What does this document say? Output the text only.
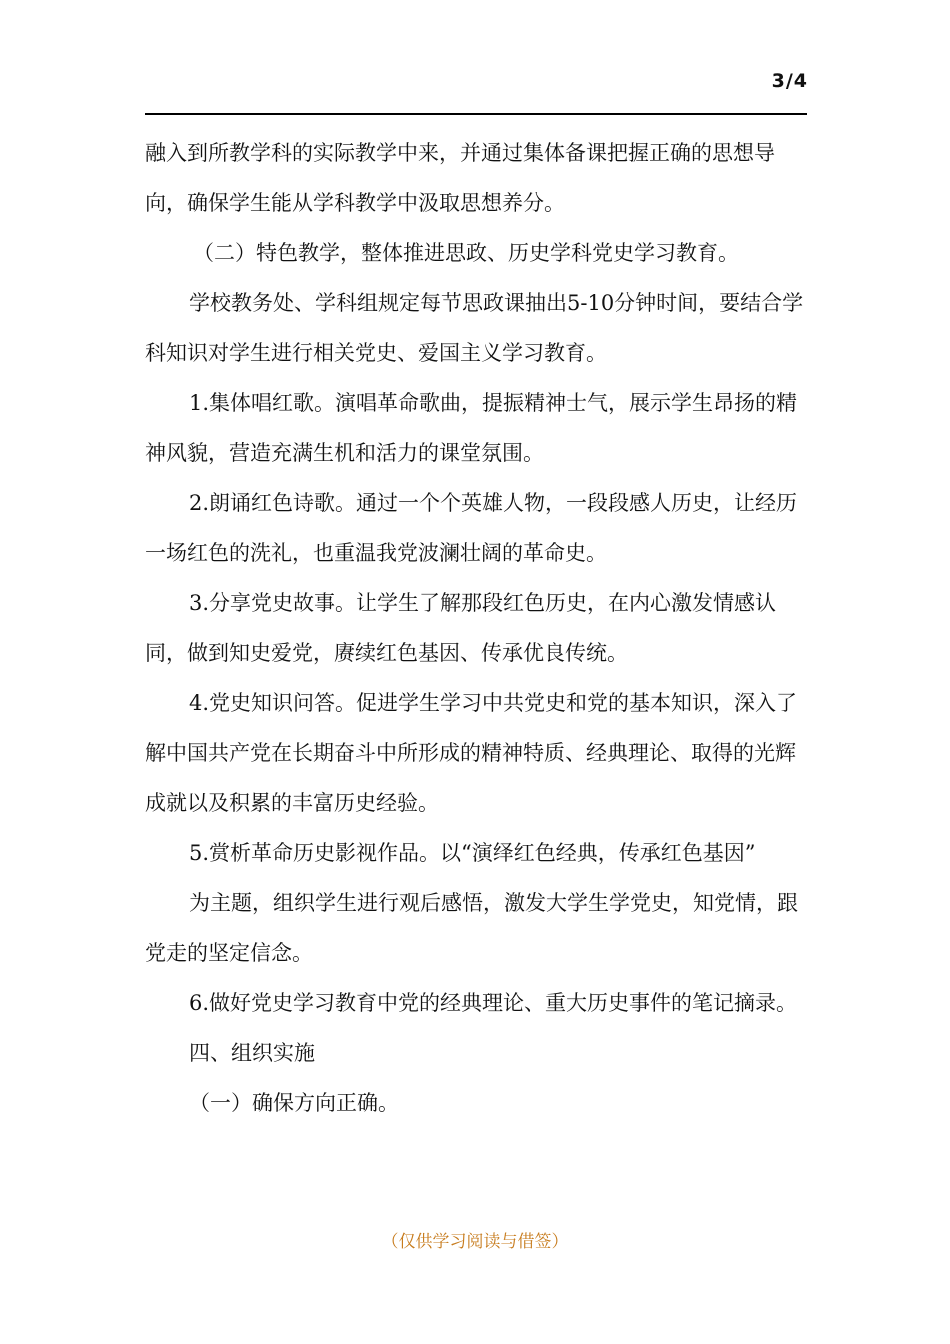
3/4

融入到所教学科的实际教学中来，并通过集体备课把握正确的思想导向，确保学生能从学科教学中汲取思想养分。

（二）特色教学，整体推进思政、历史学科党史学习教育。

学校教务处、学科组规定每节思政课抽出5-10分钟时间，要结合学科知识对学生进行相关党史、爱国主义学习教育。

1.集体唱红歌。演唱革命歌曲，提振精神士气，展示学生昂扬的精神风貌，营造充满生机和活力的课堂氛围。

2.朗诵红色诗歌。通过一个个英雄人物，一段段感人历史，让经历一场红色的洗礼，也重温我党波澜壮阔的革命史。

3.分享党史故事。让学生了解那段红色历史，在内心激发情感认同，做到知史爱党，赓续红色基因、传承优良传统。

4.党史知识问答。促进学生学习中共党史和党的基本知识，深入了解中国共产党在长期奋斗中所形成的精神特质、经典理论、取得的光辉成就以及积累的丰富历史经验。

5.赏析革命历史影视作品。以“演绎红色经典，传承红色基因”

为主题，组织学生进行观后感悟，激发大学生学党史，知党情，跟党走的坚定信念。

6.做好党史学习教育中党的经典理论、重大历史事件的笔记摘录。

四、组织实施

（一）确保方向正确。

（仅供学习阅读与借签）
